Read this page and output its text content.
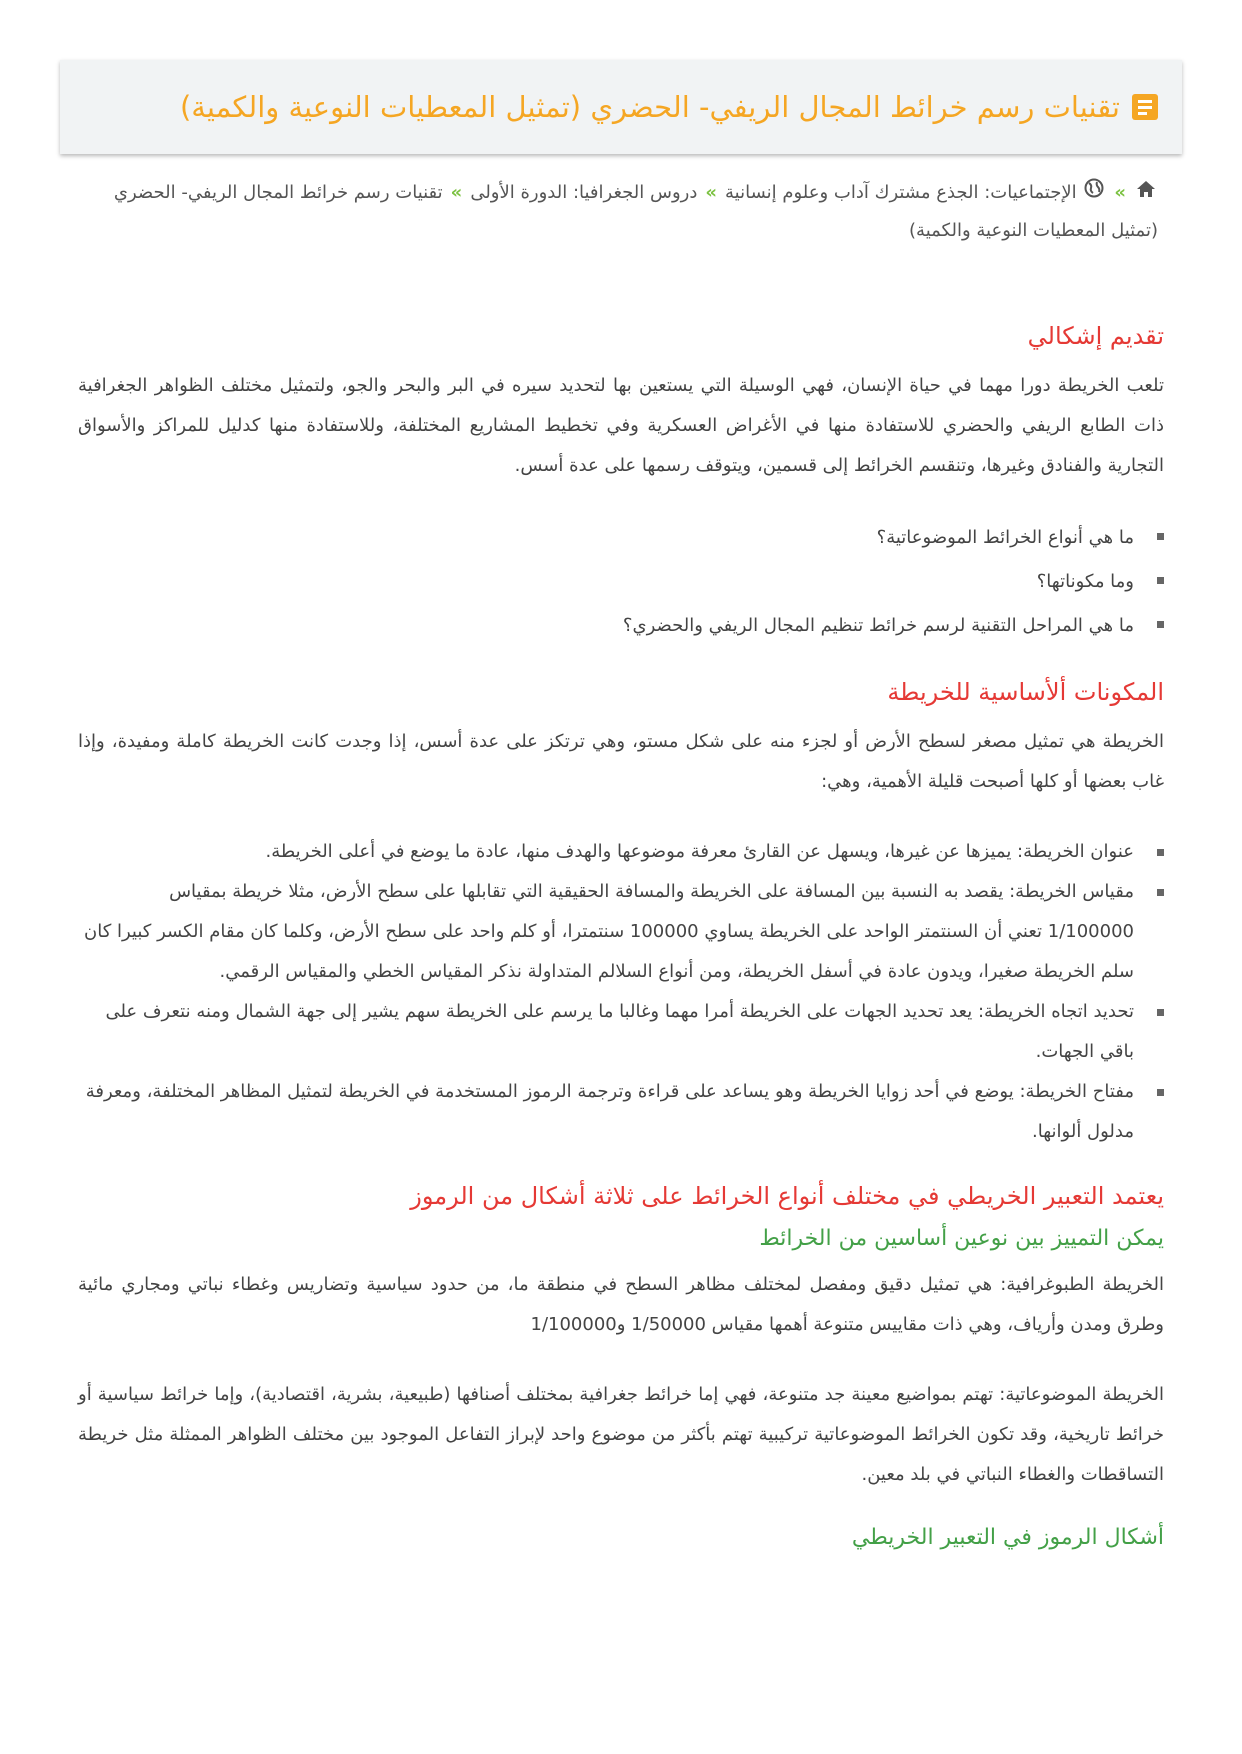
تقنيات رسم خرائط المجال الريفي- الحضري (تمثيل المعطيات النوعية والكمية)
» الإجتماعيات: الجذع مشترك آداب وعلوم إنسانية»دروس الجغرافيا: الدورة الأولى»تقنيات رسم خرائط المجال الريفي- الحضري (تمثيل المعطيات النوعية والكمية)
تقديم إشكالي

تلعب الخريطة دورا مهما في حياة الإنسان، فهي الوسيلة التي يستعين بها لتحديد سيره في البر والبحر والجو، ولتمثيل مختلف الظواهر الجغرافية ذات الطابع الريفي والحضري للاستفادة منها في الأغراض العسكرية وفي تخطيط المشاريع المختلفة، وللاستفادة منها كدليل للمراكز والأسواق التجارية والفنادق وغيرها، وتنقسم الخرائط إلى قسمين، ويتوقف رسمها على عدة أسس.

ما هي أنواع الخرائط الموضوعاتية؟
وما مكوناتها؟
ما هي المراحل التقنية لرسم خرائط تنظيم المجال الريفي والحضري؟
المكونات ألأساسية للخريطة

الخريطة هي تمثيل مصغر لسطح الأرض أو لجزء منه على شكل مستو، وهي ترتكز على عدة أسس، إذا وجدت كانت الخريطة كاملة ومفيدة، وإذا غاب بعضها أو كلها أصبحت قليلة الأهمية، وهي:

عنوان الخريطة: يميزها عن غيرها، ويسهل عن القارئ معرفة موضوعها والهدف منها، عادة ما يوضع في أعلى الخريطة.
مقياس الخريطة: يقصد به النسبة بين المسافة على الخريطة والمسافة الحقيقية التي تقابلها على سطح الأرض، مثلا خريطة بمقياس 1/100000 تعني أن السنتمتر الواحد على الخريطة يساوي 100000 سنتمترا، أو كلم واحد على سطح الأرض، وكلما كان مقام الكسر كبيرا كان سلم الخريطة صغيرا، ويدون عادة في أسفل الخريطة، ومن أنواع السلالم المتداولة نذكر المقياس الخطي والمقياس الرقمي.
تحديد اتجاه الخريطة: يعد تحديد الجهات على الخريطة أمرا مهما وغالبا ما يرسم على الخريطة سهم يشير إلى جهة الشمال ومنه نتعرف على باقي الجهات.
مفتاح الخريطة: يوضع في أحد زوايا الخريطة وهو يساعد على قراءة وترجمة الرموز المستخدمة في الخريطة لتمثيل المظاهر المختلفة، ومعرفة مدلول ألوانها.
يعتمد التعبير الخريطي في مختلف أنواع الخرائط على ثلاثة أشكال من الرموز
يمكن التمييز بين نوعين أساسين من الخرائط

الخريطة الطبوغرافية: هي تمثيل دقيق ومفصل لمختلف مظاهر السطح في منطقة ما، من حدود سياسية وتضاريس وغطاء نباتي ومجاري مائية وطرق ومدن وأرياف، وهي ذات مقاييس متنوعة أهمها مقياس 1/50000 و1/100000

الخريطة الموضوعاتية: تهتم بمواضيع معينة جد متنوعة، فهي إما خرائط جغرافية بمختلف أصنافها (طبيعية، بشرية، اقتصادية)، وإما خرائط سياسية أو خرائط تاريخية، وقد تكون الخرائط الموضوعاتية تركيبية تهتم بأكثر من موضوع واحد لإبراز التفاعل الموجود بين مختلف الظواهر الممثلة مثل خريطة التساقطات والغطاء النباتي في بلد معين.

أشكال الرموز في التعبير الخريطي
